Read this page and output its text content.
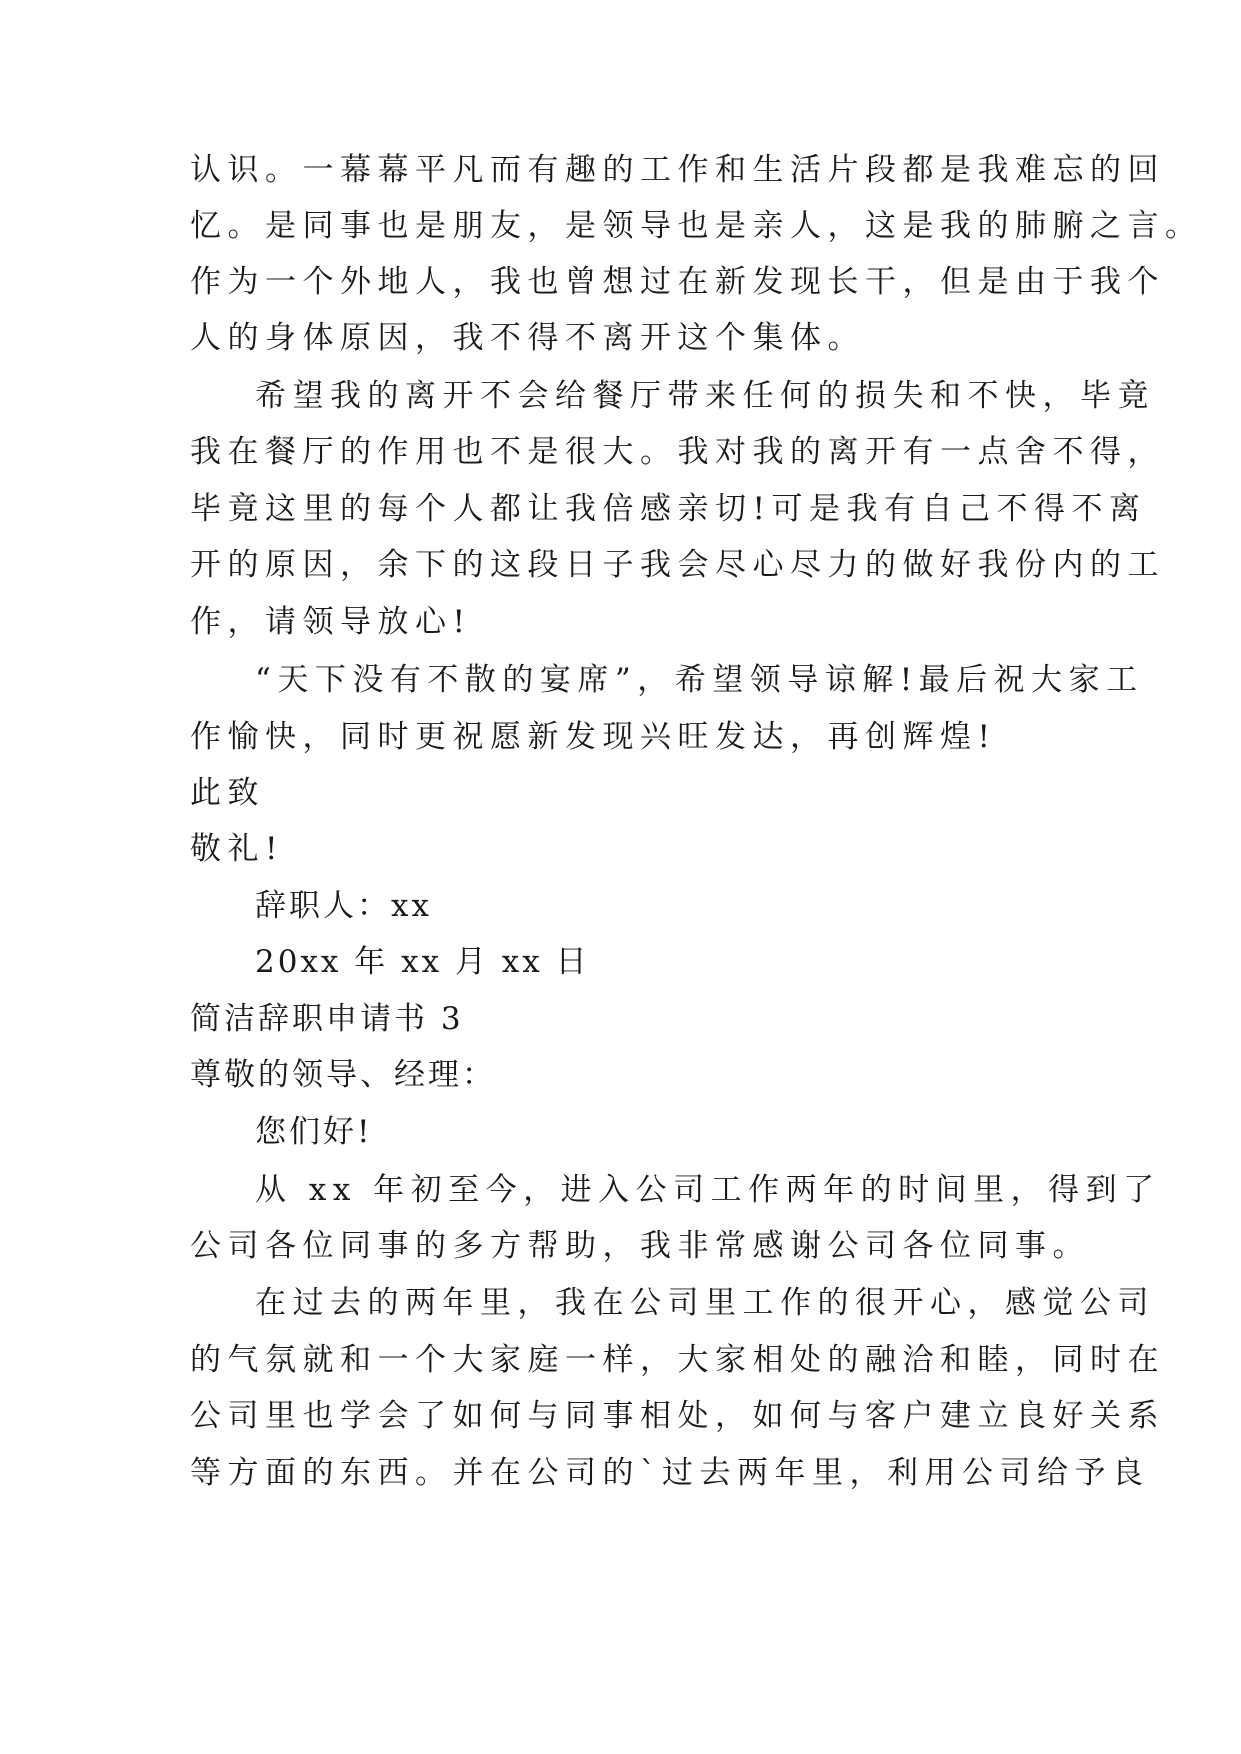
认识。一幕幕平凡而有趣的工作和生活片段都是我难忘的回
忆。是同事也是朋友，是领导也是亲人，这是我的肺腑之言。
作为一个外地人，我也曾想过在新发现长干，但是由于我个
人的身体原因，我不得不离开这个集体。
希望我的离开不会给餐厅带来任何的损失和不快，毕竟
我在餐厅的作用也不是很大。我对我的离开有一点舍不得，
毕竟这里的每个人都让我倍感亲切!可是我有自己不得不离
开的原因，余下的这段日子我会尽心尽力的做好我份内的工
作，请领导放心!
“天下没有不散的宴席”，希望领导谅解!最后祝大家工
作愉快，同时更祝愿新发现兴旺发达，再创辉煌!
此致
敬礼!
辞职人：xx
20xx 年 xx 月 xx 日
简洁辞职申请书 3
尊敬的领导、经理：
您们好!
从 xx 年初至今，进入公司工作两年的时间里，得到了
公司各位同事的多方帮助，我非常感谢公司各位同事。
在过去的两年里，我在公司里工作的很开心，感觉公司
的气氛就和一个大家庭一样，大家相处的融洽和睦，同时在
公司里也学会了如何与同事相处，如何与客户建立良好关系
等方面的东西。并在公司的`过去两年里，利用公司给予良
